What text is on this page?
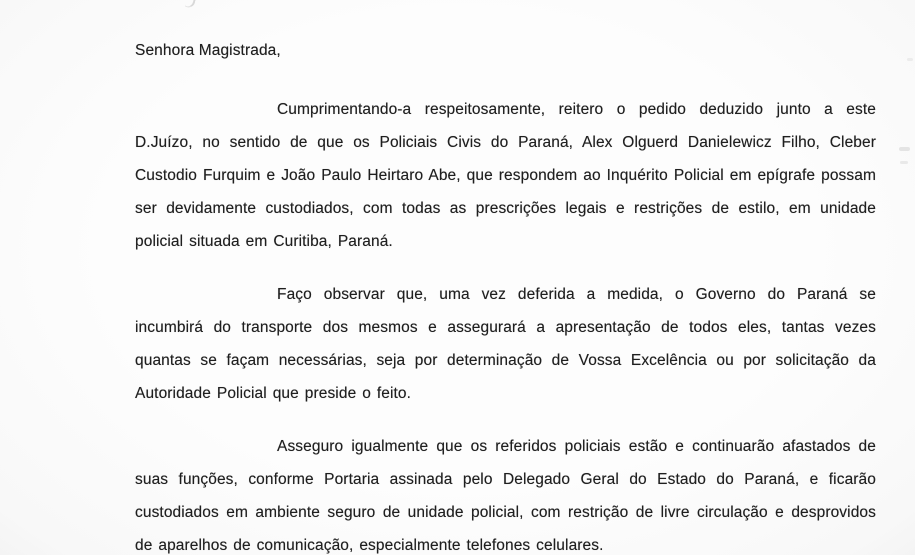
Senhora Magistrada,

Cumprimentando-a respeitosamente, reitero o pedido deduzido junto a este D.Juízo, no sentido de que os Policiais Civis do Paraná, Alex Olguerd Danielewicz Filho, Cleber Custodio Furquim e João Paulo Heirtaro Abe, que respondem ao Inquérito Policial em epígrafe possam ser devidamente custodiados, com todas as prescrições legais e restrições de estilo, em unidade policial situada em Curitiba, Paraná.

Faço observar que, uma vez deferida a medida, o Governo do Paraná se incumbirá do transporte dos mesmos e assegurará a apresentação de todos eles, tantas vezes quantas se façam necessárias, seja por determinação de Vossa Excelência ou por solicitação da Autoridade Policial que preside o feito.

Asseguro igualmente que os referidos policiais estão e continuarão afastados de suas funções, conforme Portaria assinada pelo Delegado Geral do Estado do Paraná, e ficarão custodiados em ambiente seguro de unidade policial, com restrição de livre circulação e desprovidos de aparelhos de comunicação, especialmente telefones celulares.
